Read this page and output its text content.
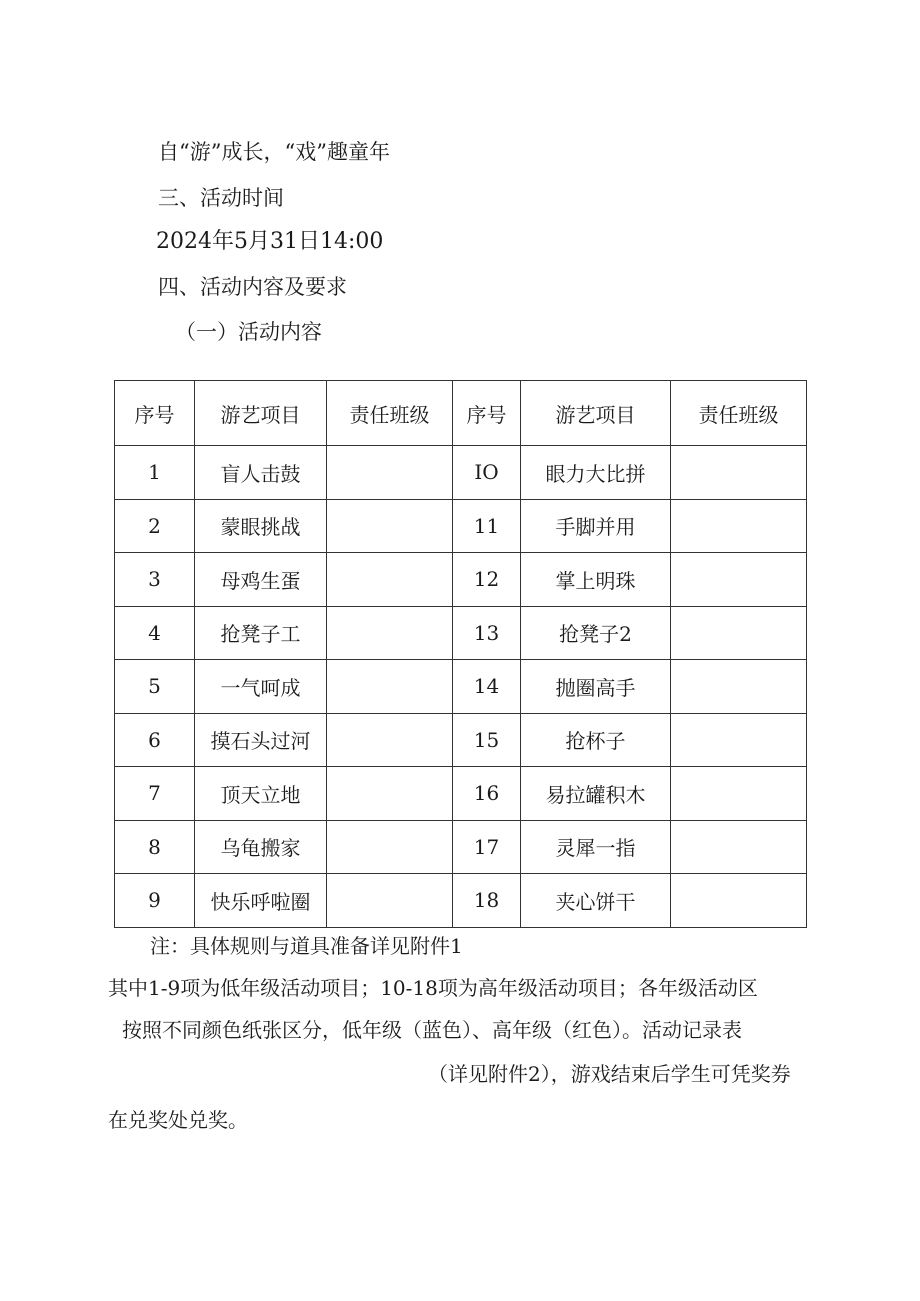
自“游”成长，“戏”趣童年
三、活动时间
2024年5月31日14:00
四、活动内容及要求
（一）活动内容
序号	游艺项目	责任班级	序号	游艺项目	责任班级
1	盲人击鼓		IO	眼力大比拼	
2	蒙眼挑战		11	手脚并用	
3	母鸡生蛋		12	掌上明珠	
4	抢凳子工		13	抢凳子2	
5	一气呵成		14	抛圈高手	
6	摸石头过河		15	抢杯子	
7	顶天立地		16	易拉罐积木	
8	乌龟搬家		17	灵犀一指	
9	快乐呼啦圈		18	夹心饼干	
注：具体规则与道具准备详见附件1
其中1-9项为低年级活动项目；10-18项为高年级活动项目；各年级活动区
按照不同颜色纸张区分，低年级（蓝色）、高年级（红色）。活动记录表
（详见附件2），游戏结束后学生可凭奖券
在兑奖处兑奖。
